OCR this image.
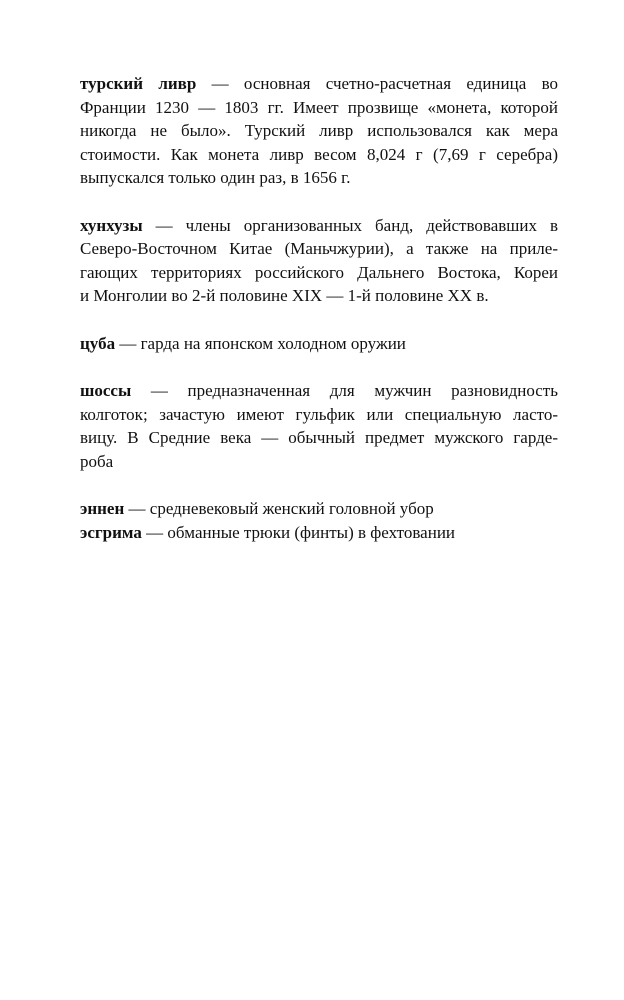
турский ливр — основная счетно-расчетная единица во
Франции 1230 — 1803 гг. Имеет прозвище «монета, которой
никогда не было». Турский ливр использовался как мера
стоимости. Как монета ливр весом 8,024 г (7,69 г серебра)
выпускался только один раз, в 1656 г.
хунхузы — члены организованных банд, действовавших в
Северо-Восточном Китае (Маньчжурии), а также на приле-
гающих территориях российского Дальнего Востока, Кореи
и Монголии во 2-й половине XIX — 1-й половине XX в.
цуба — гарда на японском холодном оружии
шоссы — предназначенная для мужчин разновидность
колготок; зачастую имеют гульфик или специальную ласто-
вицу. В Средние века — обычный предмет мужского гарде-
роба
эннен — средневековый женский головной убор
эсгрима — обманные трюки (финты) в фехтовании
